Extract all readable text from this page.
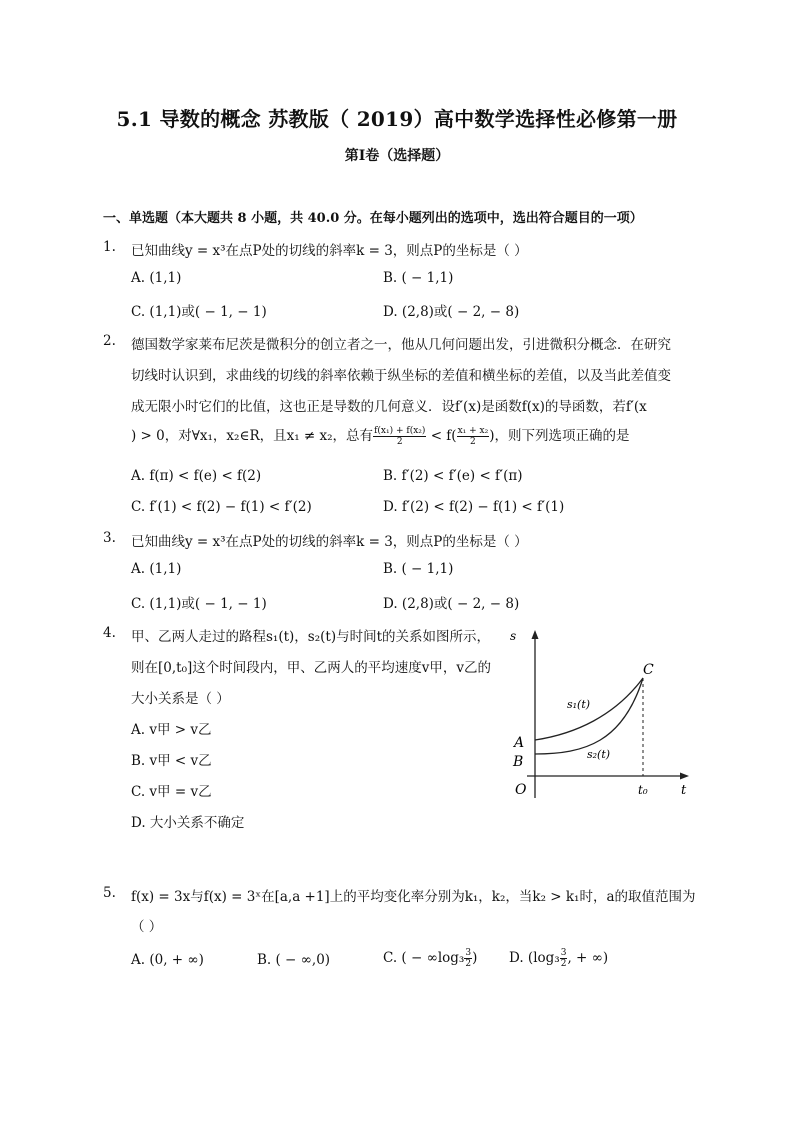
5.1 导数的概念 苏教版（ 2019）高中数学选择性必修第一册
第I卷（选择题）
一、单选题（本大题共 8 小题，共 40.0 分。在每小题列出的选项中，选出符合题目的一项）
1. 已知曲线y = x³在点P处的切线的斜率k = 3，则点P的坐标是（ ）
A. (1,1)	B. ( − 1,1)
C. (1,1)或( − 1, − 1)	D. (2,8)或( − 2, − 8)
2. 德国数学家莱布尼茨是微积分的创立者之一，他从几何问题出发，引进微积分概念．在研究
切线时认识到，求曲线的切线的斜率依赖于纵坐标的差值和横坐标的差值，以及当此差值变
成无限小时它们的比值，这也正是导数的几何意义．设f′(x)是函数f(x)的导函数，若f′(x
) > 0，对∀x₁，x₂∈R，且x₁ ≠ x₂，总有 $\frac{\text{f(x₁) + f(x₂)}}{2} < f( \frac{\text{x₁ + x₂}}{2}$ )，则下列选项正确的是
A. f(π) < f(e) < f(2)	B. f′(2) < f′(e) < f′(π)
C. f′(1) < f(2) − f(1) < f′(2)	D. f′(2) < f(2) − f(1) < f′(1)
3. 已知曲线y = x³在点P处的切线的斜率k = 3，则点P的坐标是（ ）
A. (1,1)	B. ( − 1,1)
C. (1,1)或( − 1, − 1)	D. (2,8)或( − 2, − 8)
4. 甲、乙两人走过的路程s₁(t)，s₂(t)与时间t的关系如图所示，
则在[0,t₀]这个时间段内，甲、乙两人的平均速度v甲，v乙的
大小关系是（ ）
A. v甲 > v乙
B. v甲 < v乙
C. v甲 = v乙
D. 大小关系不确定
s
t
O
A
B
C
s₁(t)
s₂(t)
t₀
5. f(x) = 3x与f(x) = 3ˣ在[a,a +1]上的平均变化率分别为k₁，k₂，当k₂ > k₁时，a的取值范围为
（ ）
A. (0, + ∞)	B. ( − ∞,0)	C. ( − $\infty\log_3 \frac{3}{2}$ ) D. ($\log_3 \frac{3}{2}$ , + ∞)
